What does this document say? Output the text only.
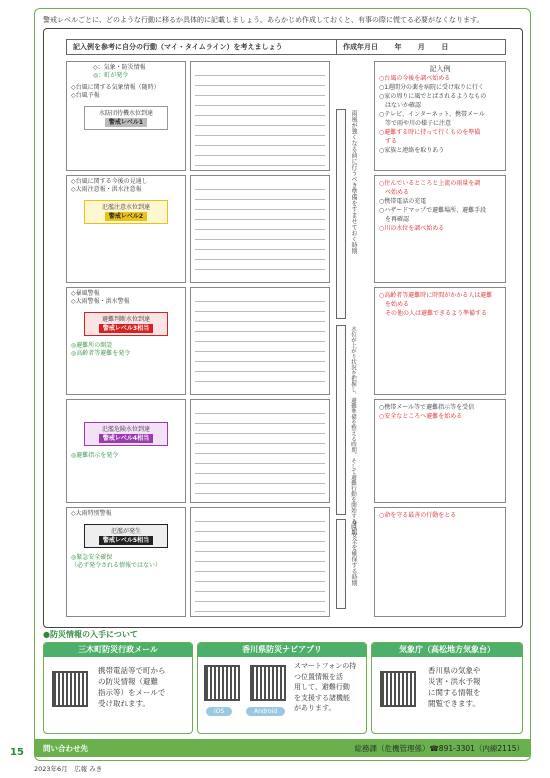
警戒レベルごとに、どのような行動に移るか具体的に記載しましょう。あらかじめ作成しておくと、有事の際に慌てる必要がなくなります。
記入例を参考に自分の行動（マイ・タイムライン）を考えましょう	作成年月日 年 月 日
◇：気象・防災情報
◎：町が発令
◇台風に関する気象情報（随時）
◇台風予報
水防団待機水位到達
警戒レベル1
記入例
○台風の今後を調べ始める
○1週間分の薬を病院に受け取りに行く
○家の周りに風でとばされるようなもの
　はないか確認
○テレビ、インターネット、携帯メール
　等で雨や川の様子に注意
○避難する時に持って行くものを準備
　する
○家族と連絡を取りあう
◇台風に関する今後の見通し
◇大雨注意報・洪水注意報
氾濫注意水位到達
警戒レベル2
○住んでいるところと上流の雨量を調
　べ始める
○携帯電話の充電
○ハザードマップで避難場所、避難手段
　を再確認
○川の水位を調べ始める
◇暴風警報
◇大雨警報・洪水警報
避難判断水位到達
警戒レベル3相当
◎避難所の開設
◎高齢者等避難を発令
○高齢者等避難時に時間がかかる人は避難
　を始める
　その他の人は避難できるよう準備する
氾濫危険水位到達
警戒レベル4相当
◎避難指示を発令
○携帯メール等で避難指示等を受信
○安全なところへ避難を始める
◇大雨特別警報
氾濫が発生
警戒レベル5相当
◎緊急安全確保
（必ず発令される情報ではない）
○命を守る最善の行動をとる
雨風が強くなる前に行うべき準備をすませておく時期
水位が上がり状況を把握し、避難準備を整える時期、そして避難行動を開始する時期
身の安全を確保する時期
●防災情報の入手について
三木町防災行政メール
携帯電話等で町から
の防災情報（避難
指示等）をメールで
受け取れます。
香川県防災ナビアプリ
iOS	Android
スマートフォンの持
つ位置情報を活
用して、避難行動
を支援する諸機能
があります。
気象庁（高松地方気象台）
香川県の気象や
災害・洪水予報
に関する情報を
閲覧できます。
問い合わせ先	総務課（危機管理係）☎891-3301（内線2115）
15
2023年6月　広報 みき
